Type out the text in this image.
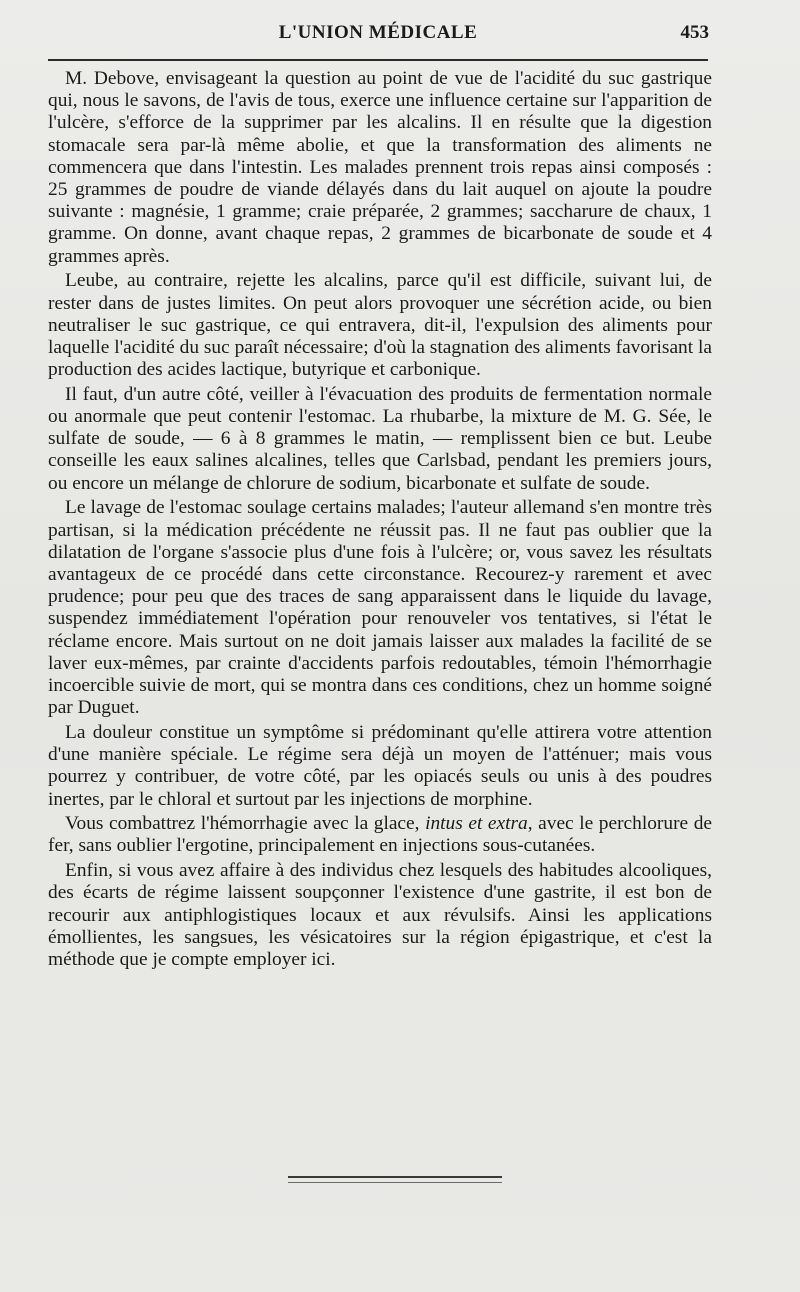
L'UNION MÉDICALE	453

M. Debove, envisageant la question au point de vue de l'acidité du suc gastrique qui, nous le savons, de l'avis de tous, exerce une influence certaine sur l'apparition de l'ulcère, s'efforce de la supprimer par les alcalins. Il en résulte que la digestion stomacale sera par-là même abolie, et que la transformation des aliments ne commencera que dans l'intestin. Les malades prennent trois repas ainsi composés : 25 grammes de poudre de viande délayés dans du lait auquel on ajoute la poudre suivante : magnésie, 1 gramme; craie préparée, 2 grammes; saccharure de chaux, 1 gramme. On donne, avant chaque repas, 2 grammes de bicarbonate de soude et 4 grammes après.

Leube, au contraire, rejette les alcalins, parce qu'il est difficile, suivant lui, de rester dans de justes limites. On peut alors provoquer une sécrétion acide, ou bien neutraliser le suc gastrique, ce qui entravera, dit-il, l'expulsion des aliments pour laquelle l'acidité du suc paraît nécessaire; d'où la stagnation des aliments favorisant la production des acides lactique, butyrique et carbonique.

Il faut, d'un autre côté, veiller à l'évacuation des produits de fermentation normale ou anormale que peut contenir l'estomac. La rhubarbe, la mixture de M. G. Sée, le sulfate de soude, — 6 à 8 grammes le matin, — remplissent bien ce but. Leube conseille les eaux salines alcalines, telles que Carlsbad, pendant les premiers jours, ou encore un mélange de chlorure de sodium, bicarbonate et sulfate de soude.

Le lavage de l'estomac soulage certains malades; l'auteur allemand s'en montre très partisan, si la médication précédente ne réussit pas. Il ne faut pas oublier que la dilatation de l'organe s'associe plus d'une fois à l'ulcère; or, vous savez les résultats avantageux de ce procédé dans cette circonstance. Recourez-y rarement et avec prudence; pour peu que des traces de sang apparaissent dans le liquide du lavage, suspendez immédiatement l'opération pour renouveler vos tentatives, si l'état le réclame encore. Mais surtout on ne doit jamais laisser aux malades la facilité de se laver eux-mêmes, par crainte d'accidents parfois redoutables, témoin l'hémorrhagie incoercible suivie de mort, qui se montra dans ces conditions, chez un homme soigné par Duguet.

La douleur constitue un symptôme si prédominant qu'elle attirera votre attention d'une manière spéciale. Le régime sera déjà un moyen de l'atténuer; mais vous pourrez y contribuer, de votre côté, par les opiacés seuls ou unis à des poudres inertes, par le chloral et surtout par les injections de morphine.

Vous combattrez l'hémorrhagie avec la glace, intus et extra, avec le perchlorure de fer, sans oublier l'ergotine, principalement en injections sous-cutanées.

Enfin, si vous avez affaire à des individus chez lesquels des habitudes alcooliques, des écarts de régime laissent soupçonner l'existence d'une gastrite, il est bon de recourir aux antiphlogistiques locaux et aux révulsifs. Ainsi les applications émollientes, les sangsues, les vésicatoires sur la région épigastrique, et c'est la méthode que je compte employer ici.
